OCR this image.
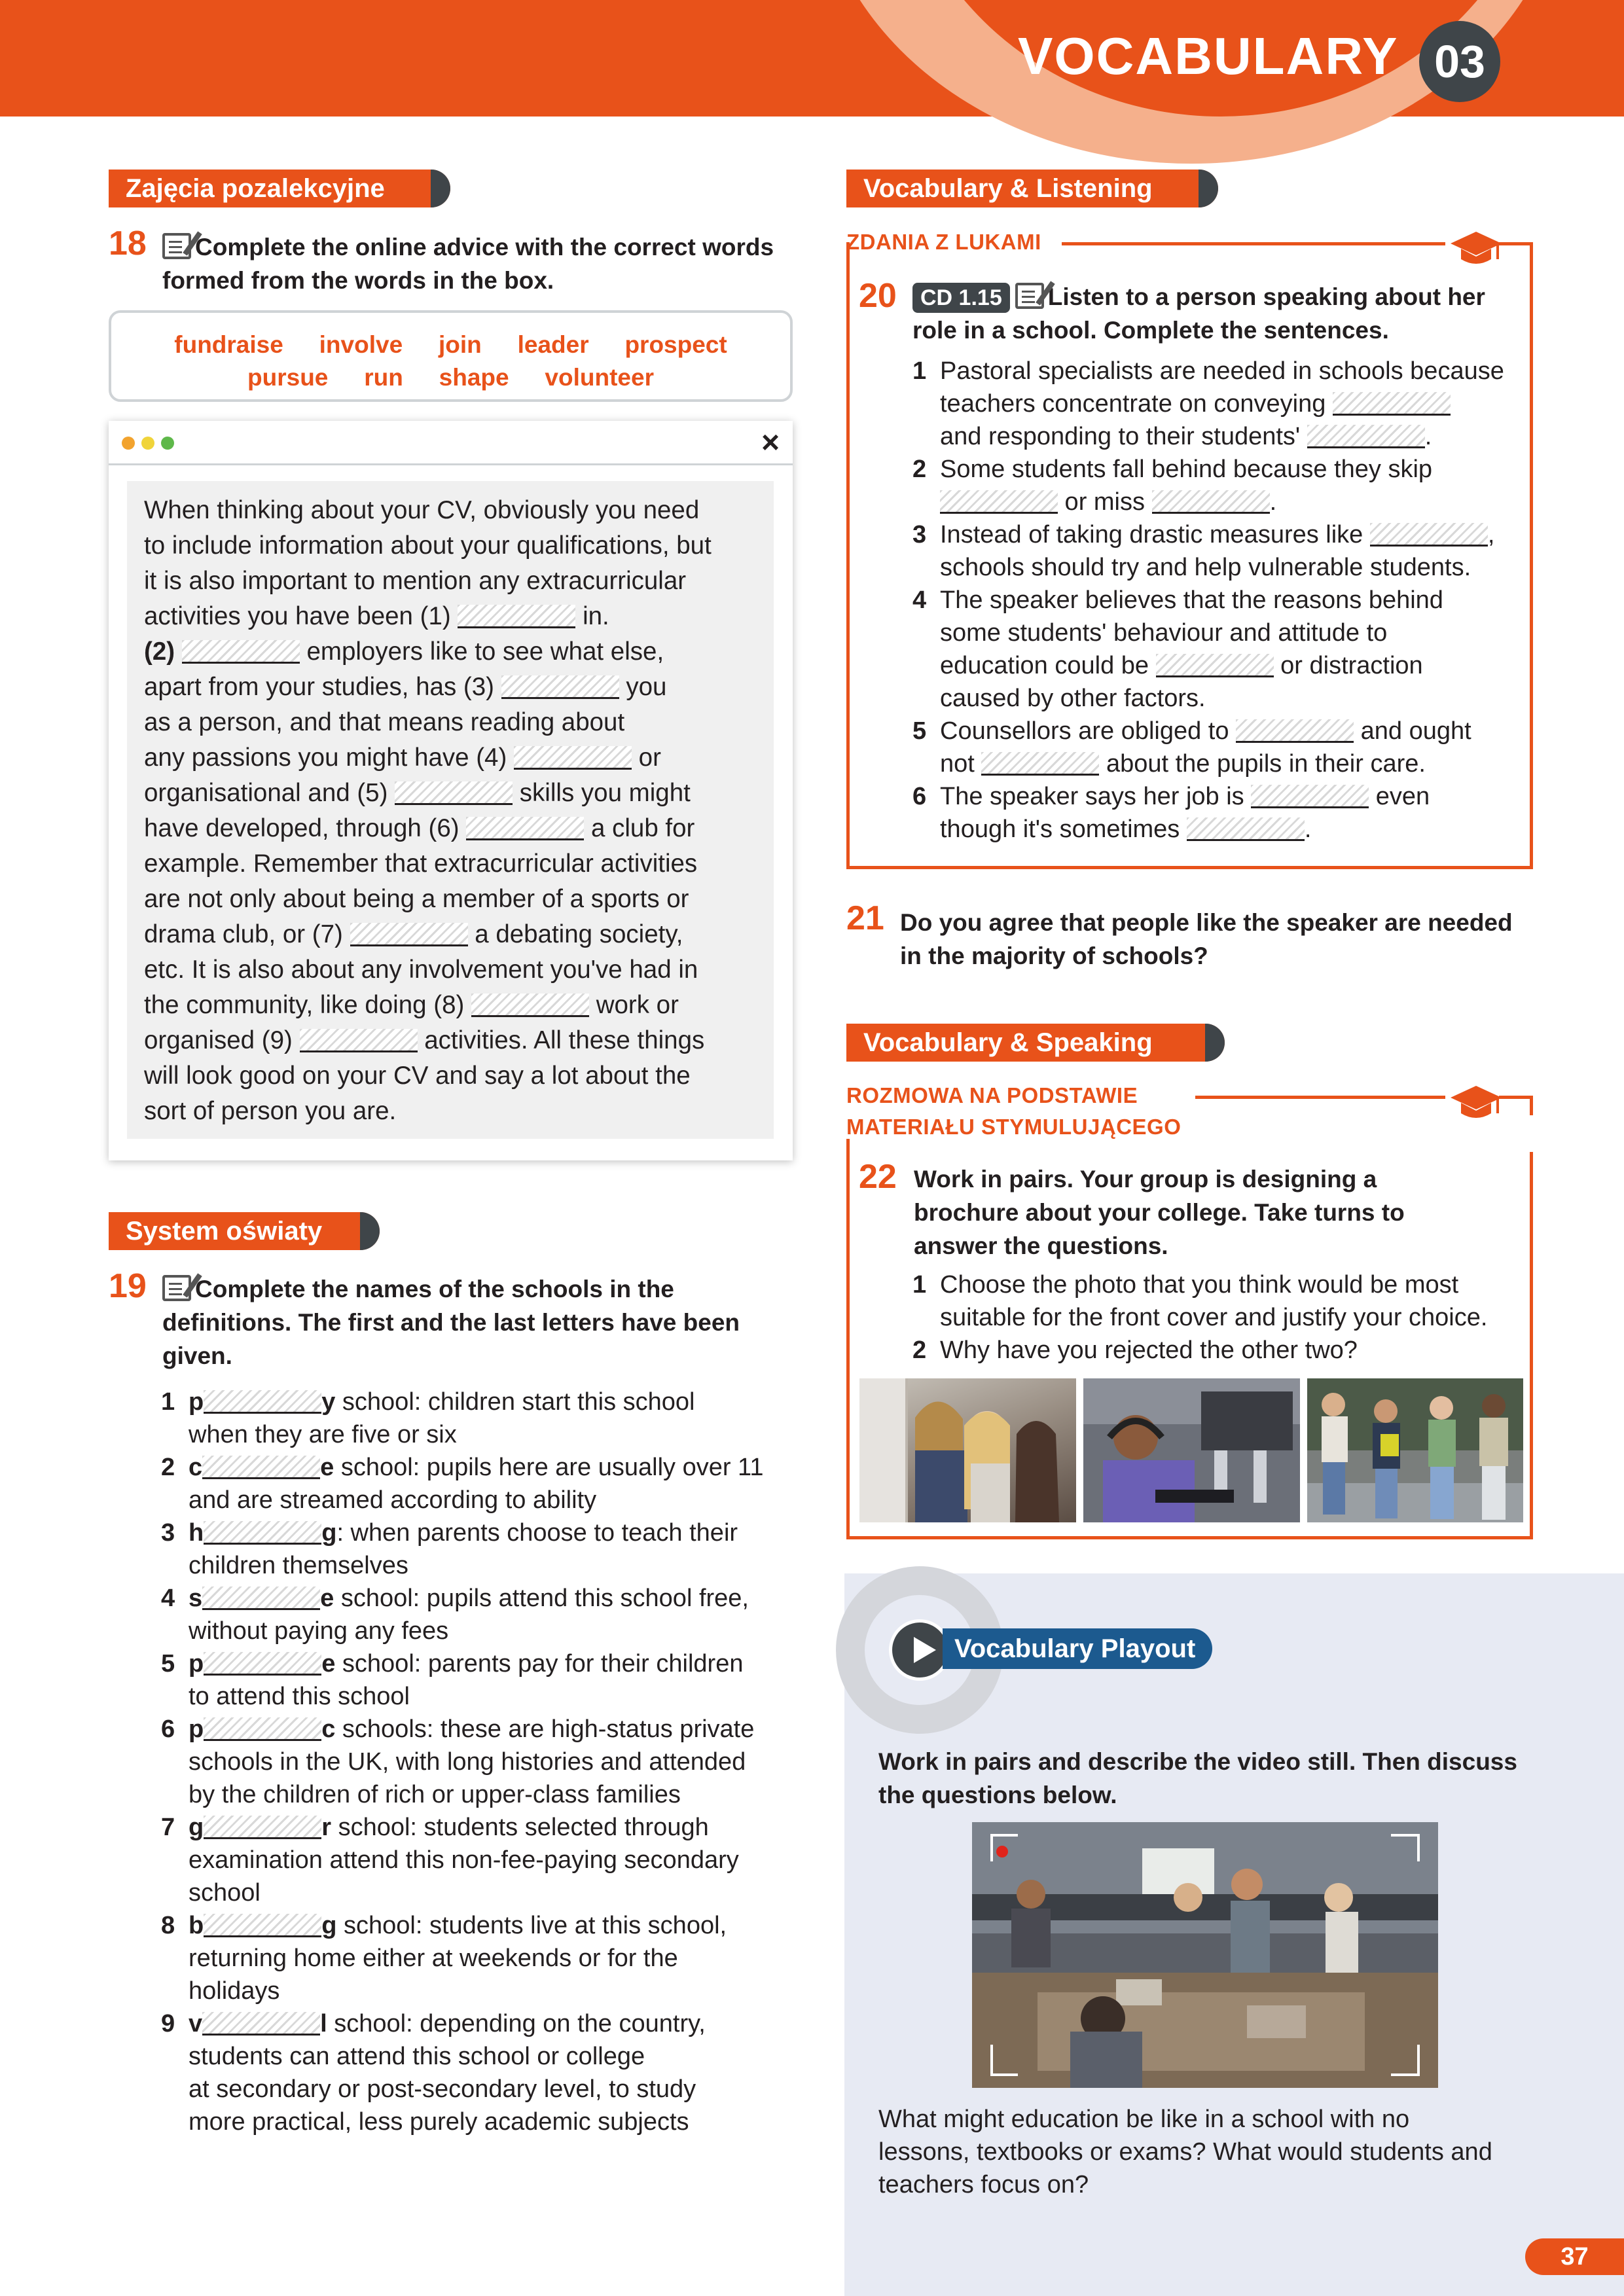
VOCABULARY 03
Zajęcia pozalekcyjne
18	Complete the online advice with the correct words formed from the words in the box.
fundraise   involve   join   leader   prospect
pursue   run   shape   volunteer
×
When thinking about your CV, obviously you need
to include information about your qualifications, but
it is also important to mention any extracurricular
activities you have been (1)	in.
(2)	employers like to see what else,
apart from your studies, has (3)	you
as a person, and that means reading about
any passions you might have (4)	or
organisational and (5)	skills you might
have developed, through (6)	a club for
example. Remember that extracurricular activities
are not only about being a member of a sports or
drama club, or (7)	a debating society,
etc. It is also about any involvement you've had in
the community, like doing (8)	work or
organised (9)	activities. All these things
will look good on your CV and say a lot about the
sort of person you are.
System oświaty
19	Complete the names of the schools in the definitions. The first and the last letters have been given.
1 p	y school: children start this school
when they are five or six
2 c	e school: pupils here are usually over 11
and are streamed according to ability
3 h	g: when parents choose to teach their
children themselves
4 s	e school: pupils attend this school free,
without paying any fees
5 p	e school: parents pay for their children
to attend this school
6 p	c schools: these are high-status private
schools in the UK, with long histories and attended
by the children of rich or upper-class families
7 g	r school: students selected through
examination attend this non-fee-paying secondary
school
8 b	g school: students live at this school,
returning home either at weekends or for the
holidays
9 v	l school: depending on the country,
students can attend this school or college
at secondary or post-secondary level, to study
more practical, less purely academic subjects
Vocabulary & Listening
ZDANIA Z LUKAMI
20	CD 1.15 Listen to a person speaking about her
role in a school. Complete the sentences.
1 Pastoral specialists are needed in schools because
teachers concentrate on conveying
and responding to their students'	.
2 Some students fall behind because they skip
or miss	.
3 Instead of taking drastic measures like	,
schools should try and help vulnerable students.
4 The speaker believes that the reasons behind
some students' behaviour and attitude to
education could be	or distraction
caused by other factors.
5 Counsellors are obliged to	and ought
not	about the pupils in their care.
6 The speaker says her job is	even
though it's sometimes	.
21 Do you agree that people like the speaker are needed in the majority of schools?
Vocabulary & Speaking
ROZMOWA NA PODSTAWIE
MATERIAŁU STYMULUJĄCEGO
22 Work in pairs. Your group is designing a brochure about your college. Take turns to answer the questions.
1 Choose the photo that you think would be most
suitable for the front cover and justify your choice.
2 Why have you rejected the other two?
Vocabulary Playout
Work in pairs and describe the video still. Then discuss the questions below.
What might education be like in a school with no lessons, textbooks or exams? What would students and teachers focus on?
37
